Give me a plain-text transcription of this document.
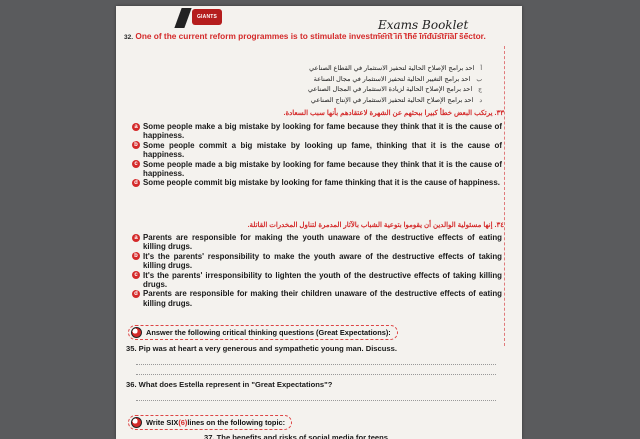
GIANTS
Exams Booklet
32. One of the current reform programmes is to stimulate investment in the industrial sector.
أ
احد برامج الإصلاح الحالية لتحفيز الاستثمار في القطاع الصناعي
ب
احد برامج التغيير الحالية لتحفيز الاستثمار في مجال الصناعة
ج
احد برامج الإصلاح الحالية لزيادة الاستثمار في المجال الصناعي
د
احد برامج الإصلاح الحالية لتحفيز الاستثمار في الإنتاج الصناعي
٣٣. يرتكب البعض خطأ كبيرا ببحثهم عن الشهرة لاعتقادهم بأنها سبب السعادة.
a Some people make a big mistake by looking for fame because they think that it is the cause of happiness.
b Some people commit a big mistake by looking up fame, thinking that it is the cause of happiness.
c Some people made a big mistake by looking for fame because they think that it is the cause of happiness.
d Some people commit big mistake by looking for fame thinking that it is the cause of happiness.
٣٤. إنها مسئولية الوالدين أن يقوموا بتوعية الشباب بالآثار المدمرة لتناول المخدرات القاتلة.
a Parents are responsible for making the youth unaware of the destructive effects of eating killing drugs.
b It's the parents' responsibility to make the youth aware of the destructive effects of taking killing drugs.
c It's the parents' irresponsibility to lighten the youth of the destructive effects of taking killing drugs.
d Parents are responsible for making their children unaware of the destructive effects of eating killing drugs.
Answer the following critical thinking questions (Great Expectations):
35. Pip was at heart a very generous and sympathetic young man. Discuss.
36. What does Estella represent in "Great Expectations"?
Write SIX (6) lines on the following topic:
37. The benefits and risks of social media for teens
